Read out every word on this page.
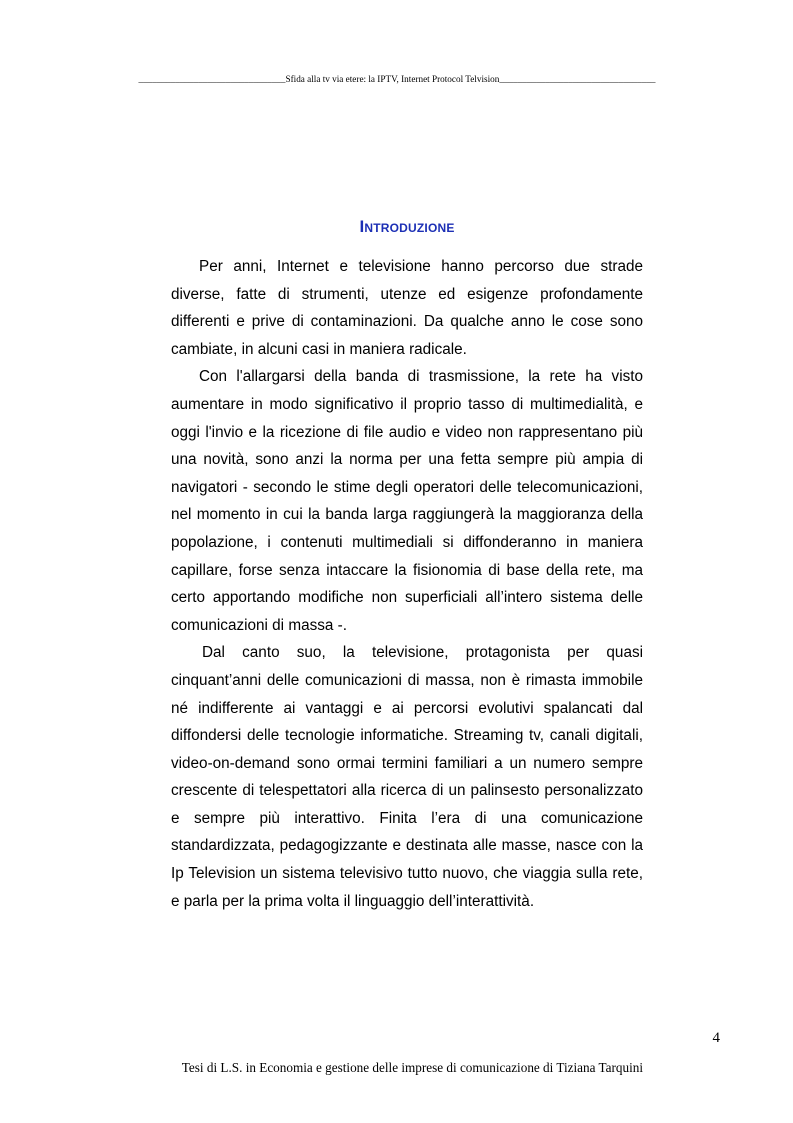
________________________________Sfida alla tv via etere: la IPTV, Internet Protocol Telvision__________________________________
Introduzione

Per anni, Internet e televisione hanno percorso due strade diverse, fatte di strumenti, utenze ed esigenze profondamente differenti e prive di contaminazioni. Da qualche anno le cose sono cambiate, in alcuni casi in maniera radicale.

Con l'allargarsi della banda di trasmissione, la rete ha visto aumentare in modo significativo il proprio tasso di multimedialità, e oggi l'invio e la ricezione di file audio e video non rappresentano più una novità, sono anzi la norma per una fetta sempre più ampia di navigatori - secondo le stime degli operatori delle telecomunicazioni, nel momento in cui la banda larga raggiungerà la maggioranza della popolazione, i contenuti multimediali si diffonderanno in maniera capillare, forse senza intaccare la fisionomia di base della rete, ma certo apportando modifiche non superficiali all’intero sistema delle comunicazioni di massa -.

Dal canto suo, la televisione, protagonista per quasi cinquant’anni delle comunicazioni di massa, non è rimasta immobile né indifferente ai vantaggi e ai percorsi evolutivi spalancati dal diffondersi delle tecnologie informatiche. Streaming tv, canali digitali, video-on-demand sono ormai termini familiari a un numero sempre crescente di telespettatori alla ricerca di un palinsesto personalizzato e sempre più interattivo. Finita l’era di una comunicazione standardizzata, pedagogizzante e destinata alle masse, nasce con la Ip Television un sistema televisivo tutto nuovo, che viaggia sulla rete, e parla per la prima volta il linguaggio dell’interattività.

4
Tesi di L.S. in Economia e gestione delle imprese di comunicazione di Tiziana Tarquini
